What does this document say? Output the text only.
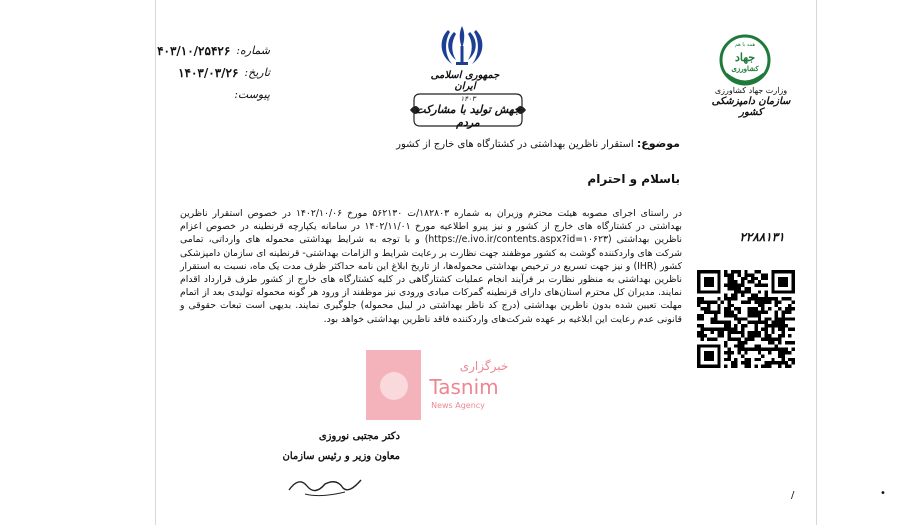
شماره:
۴۰۳/۱۰/۲۵۴۲۶
تاریخ:
۱۴۰۳/۰۳/۲۶
پیوست:
جمهوری اسلامی ایران
۱۴۰۳
جهش تولید با مشارکت مردم
همه با هم
جهاد
کشاورزی
وزارت جهاد کشاورزی
سازمان دامپزشکی کشور
موضوع: استقرار ناظرین بهداشتی در کشتارگاه های خارج از کشور
باسلام و احترام

در راستای اجرای مصوبه هیئت محترم وزیران به شماره ۱۸۲۸۰۳/ت ۵۶۲۱۳۰ مورخ ۱۴۰۲/۱۰/۰۶ در خصوص استقرار ناظرین بهداشتی در کشتارگاه های خارج از کشور و نیز پیرو اطلاعیه مورخ ۱۴۰۲/۱۱/۰۱ در سامانه یکپارچه قرنطینه در خصوص اعزام ناظرین بهداشتی (https://e.ivo.ir/contents.aspx?id=۱۰۶۲۳) و با توجه به شرایط بهداشتی محموله های وارداتی، تمامی شرکت های واردکننده گوشت به کشور موظفند جهت نظارت بر رعایت شرایط و الزامات بهداشتی- قرنطینه ای سازمان دامپزشکی کشور (IHR) و نیز جهت تسریع در ترخیص بهداشتی محموله‌ها، از تاریخ ابلاغ این نامه حداکثر ظرف مدت یک ماه، نسبت به استقرار ناظرین بهداشتی به منظور نظارت بر فرآیند انجام عملیات کشتارگاهی در کلیه کشتارگاه های خارج از کشور طرف قرارداد اقدام نمایند. مدیران کل محترم استان‌های دارای قرنطینه گمرکات مبادی ورودی نیز موظفند از ورود هر گونه محموله تولیدی بعد از اتمام مهلت تعیین شده بدون ناظرین بهداشتی (درج کد ناظر بهداشتی در لیبل محموله) جلوگیری نمایند. بدیهی است تبعات حقوقی و قانونی عدم رعایت این ابلاغیه بر عهده شرکت‌های واردکننده فاقد ناظرین بهداشتی خواهد بود.

۲۲۸۸۱۳۱
خبرگزاری
Tasnim
News Agency
دکتر مجتبی نوروزی
معاون وزیر و رئیس سازمان
/	•
